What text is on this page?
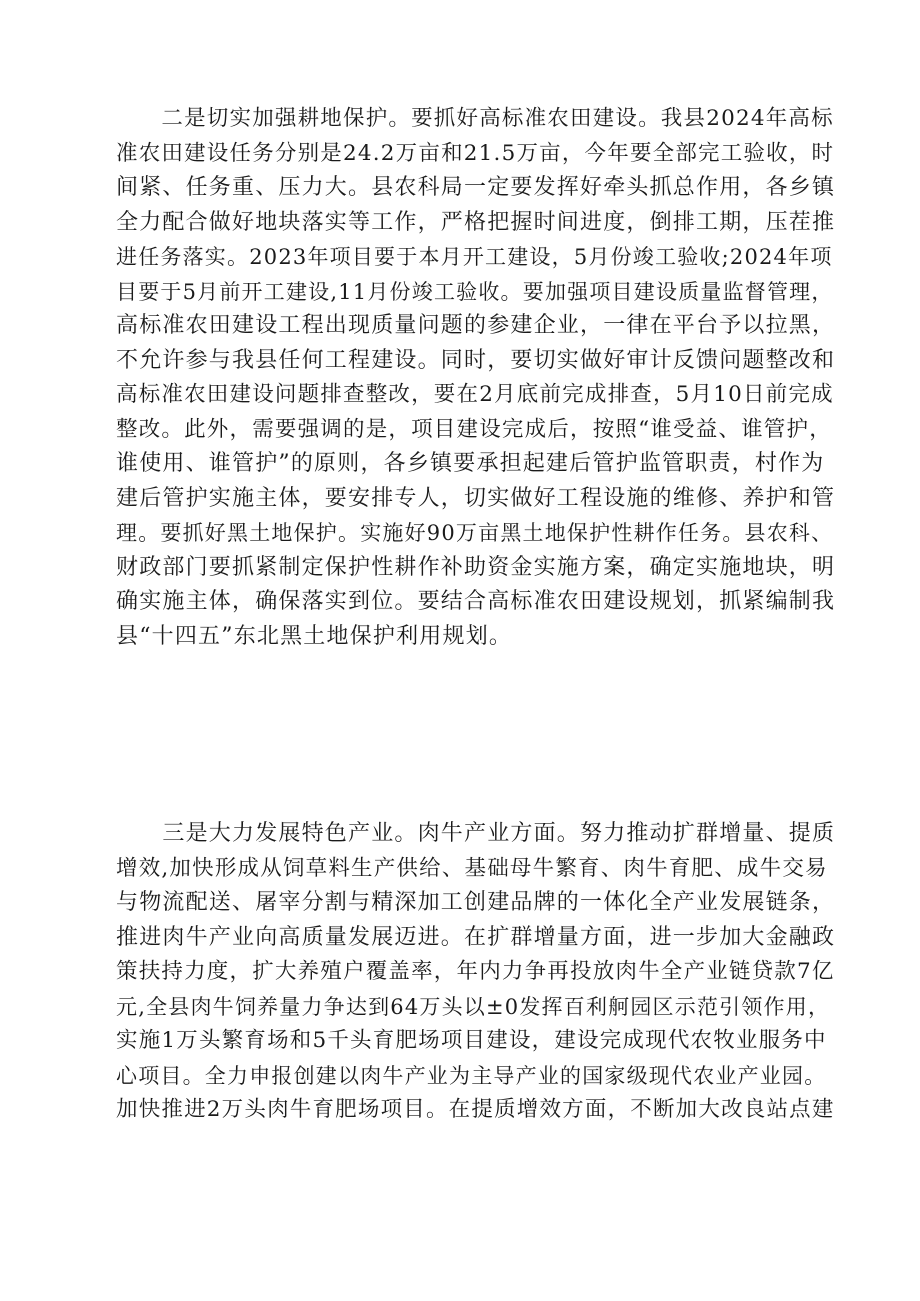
　　二是切实加强耕地保护。要抓好高标准农田建设。我县2024年高标
准农田建设任务分别是24.2万亩和21.5万亩，今年要全部完工验收，时
间紧、任务重、压力大。县农科局一定要发挥好牵头抓总作用，各乡镇
全力配合做好地块落实等工作，严格把握时间进度，倒排工期，压茬推
进任务落实。2023年项目要于本月开工建设，5月份竣工验收;2024年项
目要于5月前开工建设,11月份竣工验收。要加强项目建设质量监督管理，
高标准农田建设工程出现质量问题的参建企业，一律在平台予以拉黑，
不允许参与我县任何工程建设。同时，要切实做好审计反馈问题整改和
高标准农田建设问题排查整改，要在2月底前完成排查，5月10日前完成
整改。此外，需要强调的是，项目建设完成后，按照“谁受益、谁管护，
谁使用、谁管护”的原则，各乡镇要承担起建后管护监管职责，村作为
建后管护实施主体，要安排专人，切实做好工程设施的维修、养护和管
理。要抓好黑土地保护。实施好90万亩黑土地保护性耕作任务。县农科、
财政部门要抓紧制定保护性耕作补助资金实施方案，确定实施地块，明
确实施主体，确保落实到位。要结合高标准农田建设规划，抓紧编制我
县“十四五”东北黑土地保护利用规划。
　　三是大力发展特色产业。肉牛产业方面。努力推动扩群增量、提质
增效,加快形成从饲草料生产供给、基础母牛繁育、肉牛育肥、成牛交易
与物流配送、屠宰分割与精深加工创建品牌的一体化全产业发展链条，
推进肉牛产业向高质量发展迈进。在扩群增量方面，进一步加大金融政
策扶持力度，扩大养殖户覆盖率，年内力争再投放肉牛全产业链贷款7亿
元,全县肉牛饲养量力争达到64万头以±0发挥百利舸园区示范引领作用，
实施1万头繁育场和5千头育肥场项目建设，建设完成现代农牧业服务中
心项目。全力申报创建以肉牛产业为主导产业的国家级现代农业产业园。
加快推进2万头肉牛育肥场项目。在提质增效方面，不断加大改良站点建
